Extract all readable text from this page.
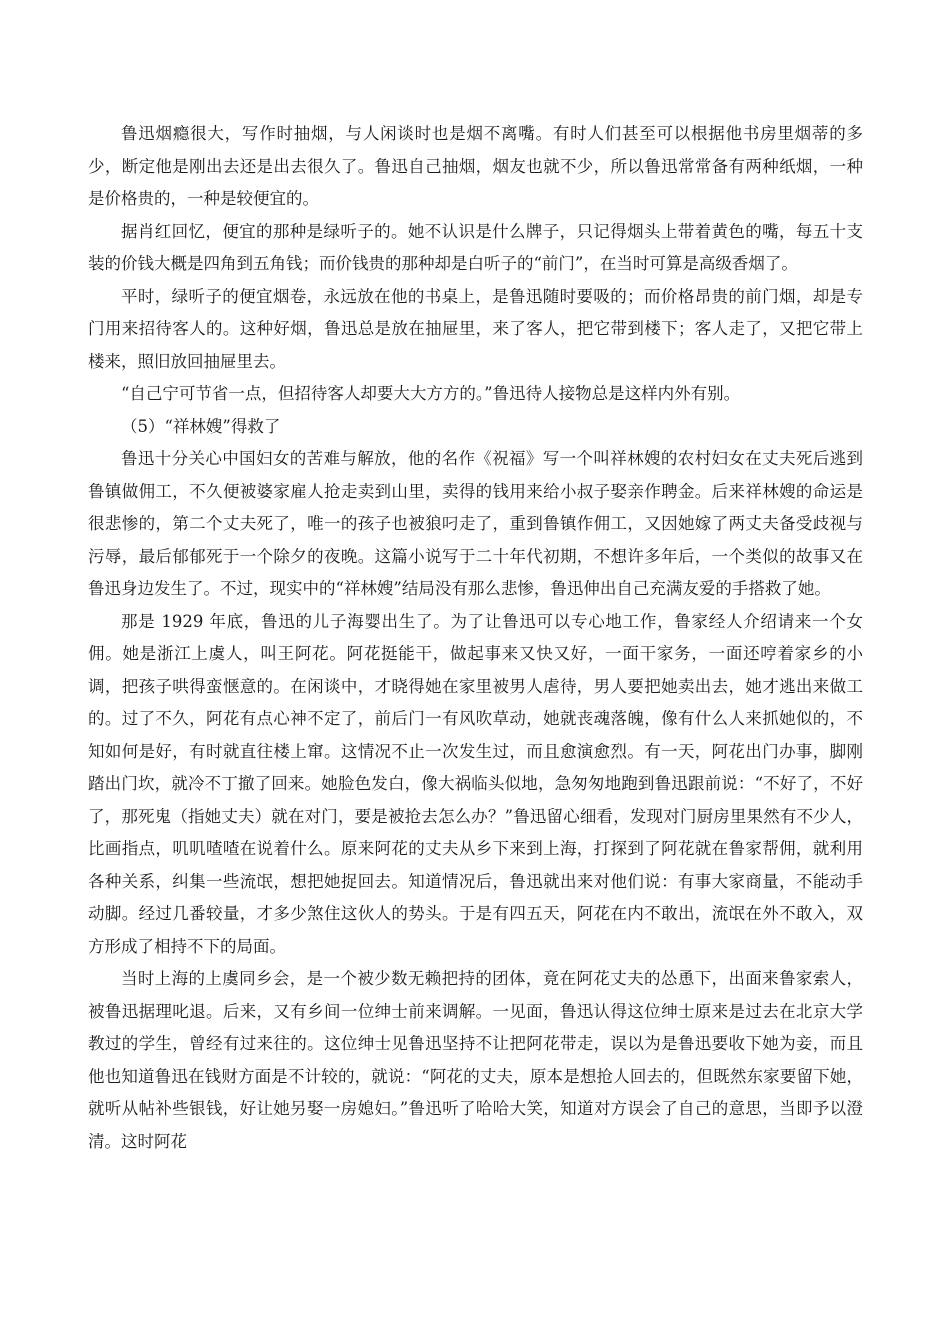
鲁迅烟瘾很大，写作时抽烟，与人闲谈时也是烟不离嘴。有时人们甚至可以根据他书房里烟蒂的多少，断定他是刚出去还是出去很久了。鲁迅自己抽烟，烟友也就不少，所以鲁迅常常备有两种纸烟，一种是价格贵的，一种是较便宜的。

据肖红回忆，便宜的那种是绿听子的。她不认识是什么牌子，只记得烟头上带着黄色的嘴，每五十支装的价钱大概是四角到五角钱；而价钱贵的那种却是白听子的“前门”，在当时可算是高级香烟了。

平时，绿听子的便宜烟卷，永远放在他的书桌上，是鲁迅随时要吸的；而价格昂贵的前门烟，却是专门用来招待客人的。这种好烟，鲁迅总是放在抽屉里，来了客人，把它带到楼下；客人走了，又把它带上楼来，照旧放回抽屉里去。

“自己宁可节省一点，但招待客人却要大大方方的。”鲁迅待人接物总是这样内外有别。

（5）“祥林嫂”得救了

鲁迅十分关心中国妇女的苦难与解放，他的名作《祝福》写一个叫祥林嫂的农村妇女在丈夫死后逃到鲁镇做佣工，不久便被婆家雇人抢走卖到山里，卖得的钱用来给小叔子娶亲作聘金。后来祥林嫂的命运是很悲惨的，第二个丈夫死了，唯一的孩子也被狼叼走了，重到鲁镇作佣工，又因她嫁了两丈夫备受歧视与污辱，最后郁郁死于一个除夕的夜晚。这篇小说写于二十年代初期，不想许多年后，一个类似的故事又在鲁迅身边发生了。不过，现实中的“祥林嫂”结局没有那么悲惨，鲁迅伸出自己充满友爱的手搭救了她。

那是 1929 年底，鲁迅的儿子海婴出生了。为了让鲁迅可以专心地工作，鲁家经人介绍请来一个女佣。她是浙江上虞人，叫王阿花。阿花挺能干，做起事来又快又好，一面干家务，一面还哼着家乡的小调，把孩子哄得蛮惬意的。在闲谈中，才晓得她在家里被男人虐待，男人要把她卖出去，她才逃出来做工的。过了不久，阿花有点心神不定了，前后门一有风吹草动，她就丧魂落魄，像有什么人来抓她似的，不知如何是好，有时就直往楼上窜。这情况不止一次发生过，而且愈演愈烈。有一天，阿花出门办事，脚刚踏出门坎，就冷不丁撤了回来。她脸色发白，像大祸临头似地，急匆匆地跑到鲁迅跟前说：“不好了，不好了，那死鬼（指她丈夫）就在对门，要是被抢去怎么办？”鲁迅留心细看，发现对门厨房里果然有不少人，比画指点，叽叽喳喳在说着什么。原来阿花的丈夫从乡下来到上海，打探到了阿花就在鲁家帮佣，就利用各种关系，纠集一些流氓，想把她捉回去。知道情况后，鲁迅就出来对他们说：有事大家商量，不能动手动脚。经过几番较量，才多少煞住这伙人的势头。于是有四五天，阿花在内不敢出，流氓在外不敢入，双方形成了相持不下的局面。

当时上海的上虞同乡会，是一个被少数无赖把持的团体，竟在阿花丈夫的怂恿下，出面来鲁家索人，被鲁迅据理叱退。后来，又有乡间一位绅士前来调解。一见面，鲁迅认得这位绅士原来是过去在北京大学教过的学生，曾经有过来往的。这位绅士见鲁迅坚持不让把阿花带走，误以为是鲁迅要收下她为妾，而且他也知道鲁迅在钱财方面是不计较的，就说：“阿花的丈夫，原本是想抢人回去的，但既然东家要留下她，就听从帖补些银钱，好让她另娶一房媳妇。”鲁迅听了哈哈大笑，知道对方误会了自己的意思，当即予以澄清。这时阿花
